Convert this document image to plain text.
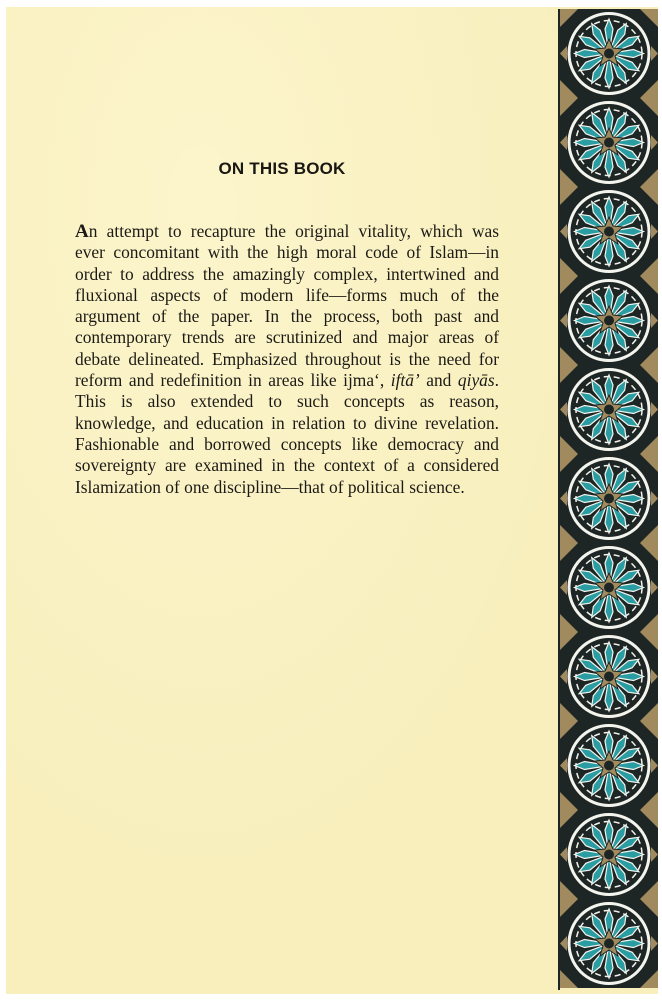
ON THIS BOOK

An attempt to recapture the original vitality, which was
ever concomitant with the high moral code of Islam—in
order to address the amazingly complex, intertwined and
fluxional aspects of modern life—forms much of the
argument of the paper. In the process, both past and
contemporary trends are scrutinized and major areas of
debate delineated. Emphasized throughout is the need for
reform and redefinition in areas like ijma‘, iftā’ and qiyās.
This is also extended to such concepts as reason,
knowledge, and education in relation to divine revelation.
Fashionable and borrowed concepts like democracy and
sovereignty are examined in the context of a considered
Islamization of one discipline—that of political science.
